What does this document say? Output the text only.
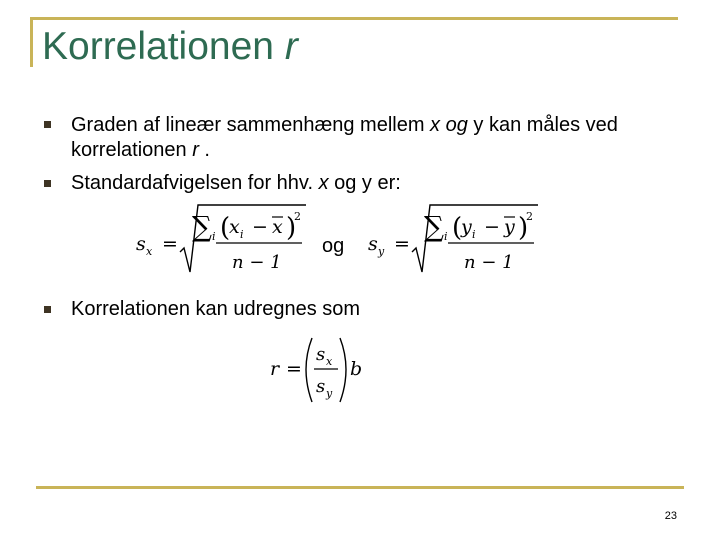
Korrelationen r
Graden af lineær sammenhæng mellem x og y kan måles ved korrelationen r .
Standardafvigelsen for hhv. x og y er:
s x =
∑ i (
x i − x )
2
n − 1
og s y =
∑ i (
y i − y )
2
n − 1
Korrelationen kan udregnes som
r =
s x
s y
b
23
